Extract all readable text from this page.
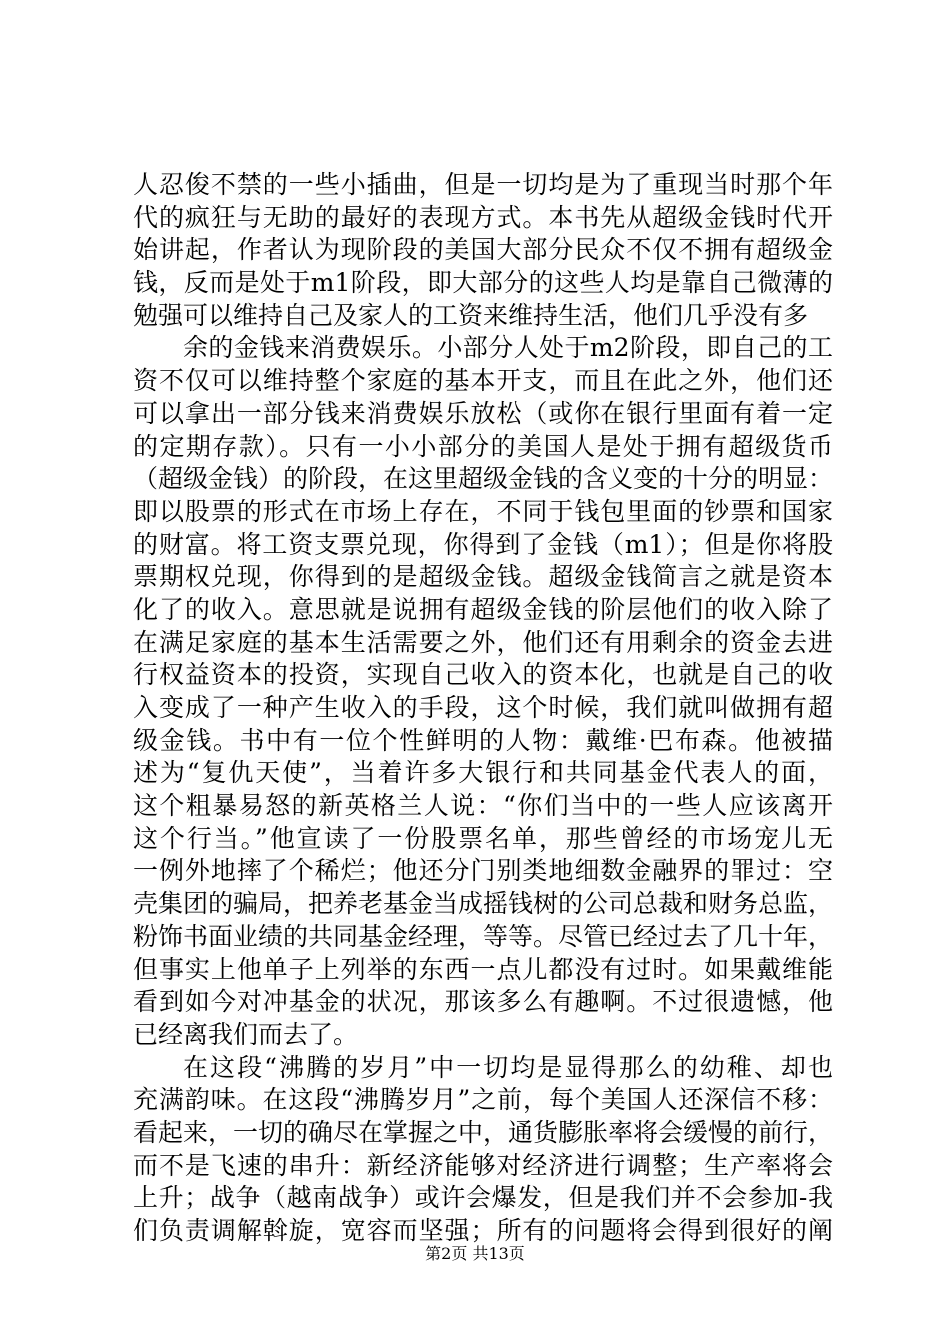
人忍俊不禁的一些小插曲，但是一切均是为了重现当时那个年
代的疯狂与无助的最好的表现方式。本书先从超级金钱时代开
始讲起，作者认为现阶段的美国大部分民众不仅不拥有超级金
钱，反而是处于m1阶段，即大部分的这些人均是靠自己微薄的
勉强可以维持自己及家人的工资来维持生活，他们几乎没有多
余的金钱来消费娱乐。小部分人处于m2阶段，即自己的工
资不仅可以维持整个家庭的基本开支，而且在此之外，他们还
可以拿出一部分钱来消费娱乐放松（或你在银行里面有着一定
的定期存款）。只有一小小部分的美国人是处于拥有超级货币
（超级金钱）的阶段，在这里超级金钱的含义变的十分的明显：
即以股票的形式在市场上存在，不同于钱包里面的钞票和国家
的财富。将工资支票兑现，你得到了金钱（m1）；但是你将股
票期权兑现，你得到的是超级金钱。超级金钱简言之就是资本
化了的收入。意思就是说拥有超级金钱的阶层他们的收入除了
在满足家庭的基本生活需要之外，他们还有用剩余的资金去进
行权益资本的投资，实现自己收入的资本化，也就是自己的收
入变成了一种产生收入的手段，这个时候，我们就叫做拥有超
级金钱。书中有一位个性鲜明的人物：戴维·巴布森。他被描
述为“复仇天使”，当着许多大银行和共同基金代表人的面，
这个粗暴易怒的新英格兰人说：“你们当中的一些人应该离开
这个行当。”他宣读了一份股票名单，那些曾经的市场宠儿无
一例外地摔了个稀烂；他还分门别类地细数金融界的罪过：空
壳集团的骗局，把养老基金当成摇钱树的公司总裁和财务总监，
粉饰书面业绩的共同基金经理，等等。尽管已经过去了几十年，
但事实上他单子上列举的东西一点儿都没有过时。如果戴维能
看到如今对冲基金的状况，那该多么有趣啊。不过很遗憾，他
已经离我们而去了。
在这段“沸腾的岁月”中一切均是显得那么的幼稚、却也
充满韵味。在这段“沸腾岁月”之前，每个美国人还深信不移：
看起来，一切的确尽在掌握之中，通货膨胀率将会缓慢的前行，
而不是飞速的串升：新经济能够对经济进行调整；生产率将会
上升；战争（越南战争）或许会爆发，但是我们并不会参加-我
们负责调解斡旋，宽容而坚强；所有的问题将会得到很好的阐
第2页 共13页
